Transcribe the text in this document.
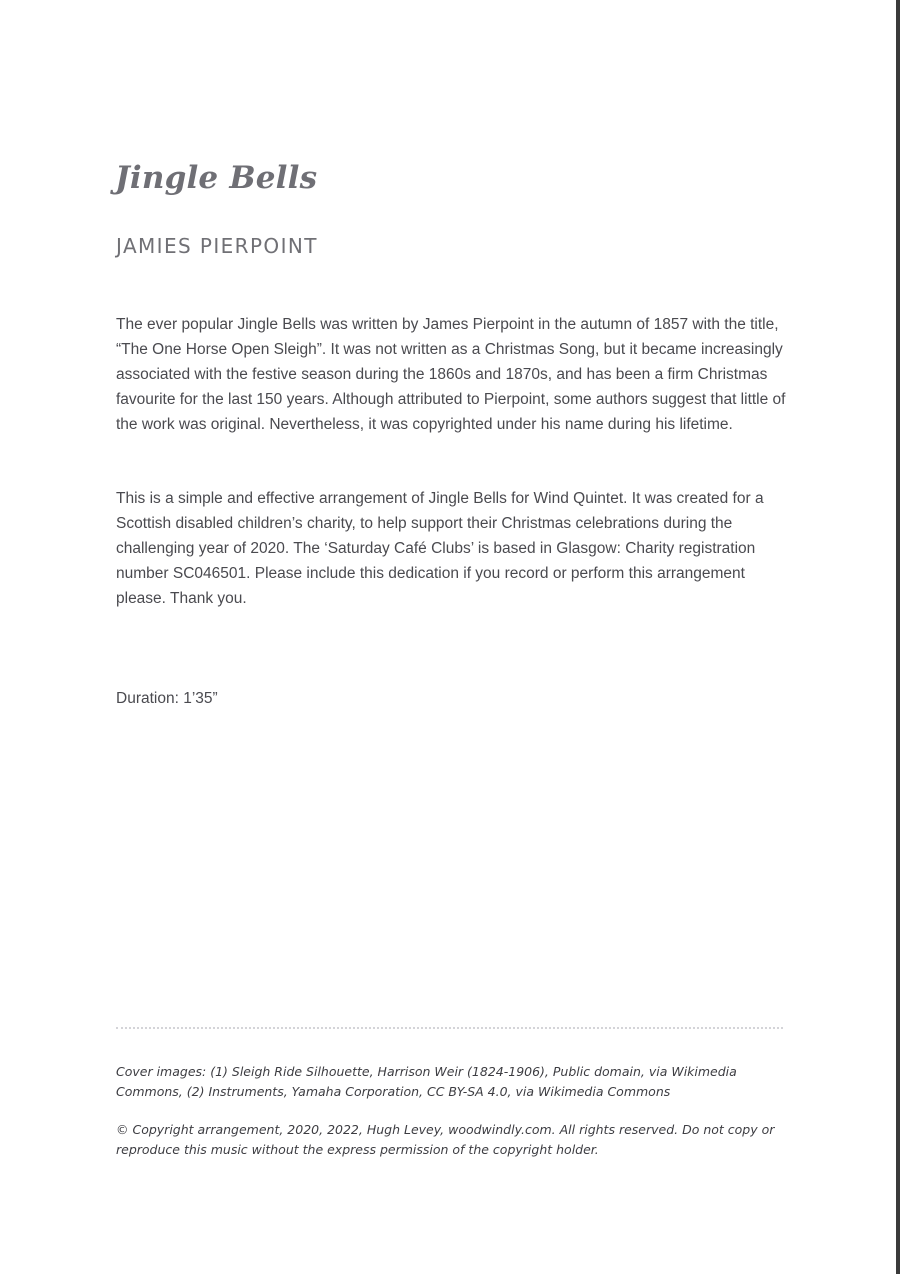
Jingle Bells
JAMIES PIERPOINT

The ever popular Jingle Bells was written by James Pierpoint in the autumn of 1857 with the title, “The One Horse Open Sleigh”. It was not written as a Christmas Song, but it became increasingly associated with the festive season during the 1860s and 1870s, and has been a firm Christmas favourite for the last 150 years. Although attributed to Pierpoint, some authors suggest that little of the work was original. Nevertheless, it was copyrighted under his name during his lifetime.

This is a simple and effective arrangement of Jingle Bells for Wind Quintet. It was created for a Scottish disabled children’s charity, to help support their Christmas celebrations during the challenging year of 2020. The ‘Saturday Café Clubs’ is based in Glasgow: Charity registration number SC046501. Please include this dedication if you record or perform this arrangement please. Thank you.

Duration: 1’35”

Cover images: (1) Sleigh Ride Silhouette, Harrison Weir (1824-1906), Public domain, via Wikimedia Commons, (2) Instruments, Yamaha Corporation, CC BY-SA 4.0, via Wikimedia Commons

© Copyright arrangement, 2020, 2022, Hugh Levey, woodwindly.com. All rights reserved. Do not copy or reproduce this music without the express permission of the copyright holder.
